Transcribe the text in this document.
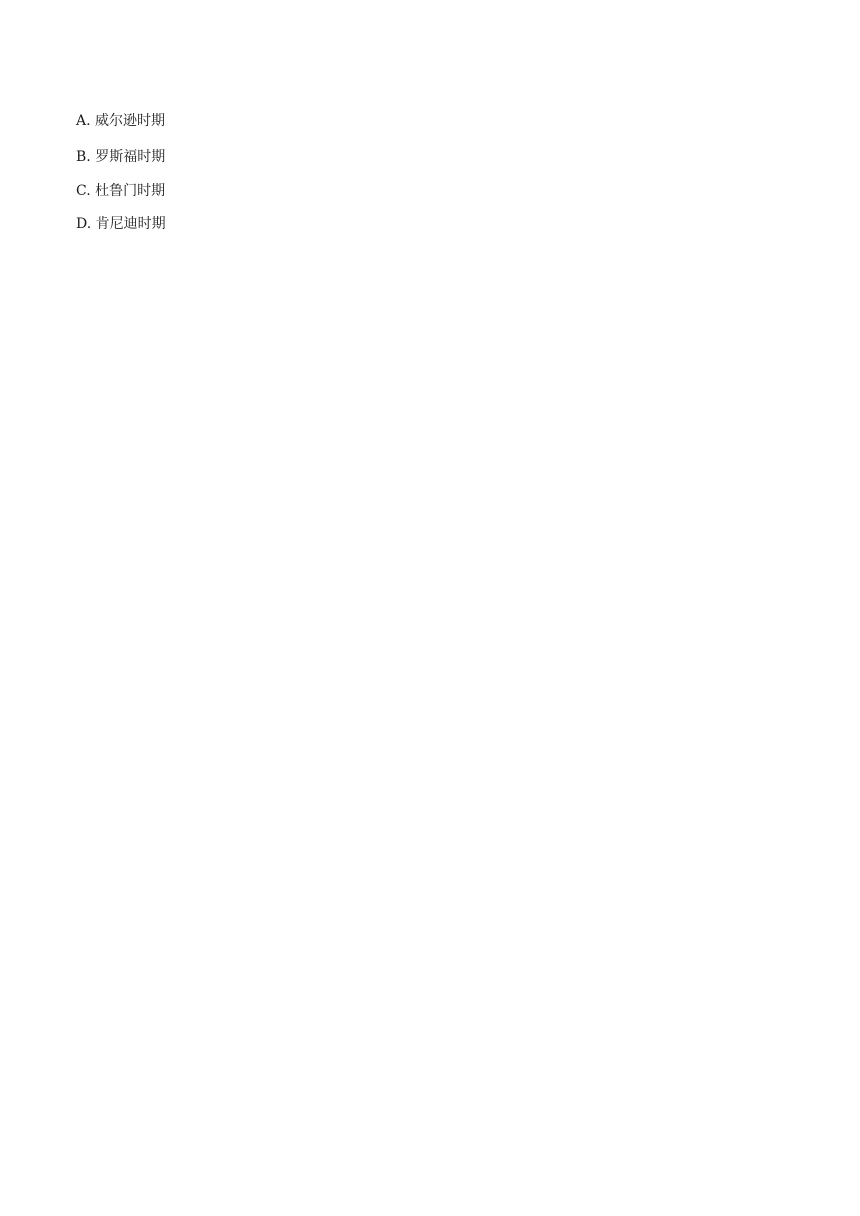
A. 威尔逊时期
B. 罗斯福时期
C. 杜鲁门时期
D. 肯尼迪时期
